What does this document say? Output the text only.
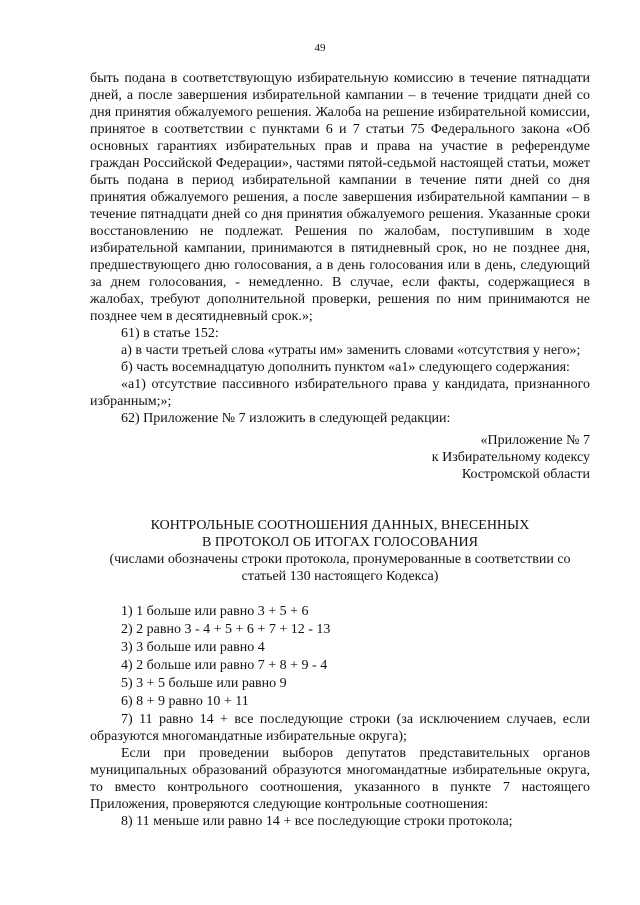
49

быть подана в соответствующую избирательную комиссию в течение пятнадцати дней, а после завершения избирательной кампании – в течение тридцати дней со дня принятия обжалуемого решения. Жалоба на решение избирательной комиссии, принятое в соответствии с пунктами 6 и 7 статьи 75 Федерального закона «Об основных гарантиях избирательных прав и права на участие в референдуме граждан Российской Федерации», частями пятой-седьмой настоящей статьи, может быть подана в период избирательной кампании в течение пяти дней со дня принятия обжалуемого решения, а после завершения избирательной кампании – в течение пятнадцати дней со дня принятия обжалуемого решения. Указанные сроки восстановлению не подлежат. Решения по жалобам, поступившим в ходе избирательной кампании, принимаются в пятидневный срок, но не позднее дня, предшествующего дню голосования, а в день голосования или в день, следующий за днем голосования, - немедленно. В случае, если факты, содержащиеся в жалобах, требуют дополнительной проверки, решения по ним принимаются не позднее чем в десятидневный срок.»;

61) в статье 152:

а) в части третьей слова «утраты им» заменить словами «отсутствия у него»;

б) часть восемнадцатую дополнить пунктом «а1» следующего содержания:

«а1) отсутствие пассивного избирательного права у кандидата, признанного избранным;»;

62) Приложение № 7 изложить в следующей редакции:

«Приложение № 7
к Избирательному кодексу
Костромской области
КОНТРОЛЬНЫЕ СООТНОШЕНИЯ ДАННЫХ, ВНЕСЕННЫХ
В ПРОТОКОЛ ОБ ИТОГАХ ГОЛОСОВАНИЯ
(числами обозначены строки протокола, пронумерованные в соответствии со
статьей 130 настоящего Кодекса)
1) 1 больше или равно 3 + 5 + 6
2) 2 равно 3 - 4 + 5 + 6 + 7 + 12 - 13
3) 3 больше или равно 4
4) 2 больше или равно 7 + 8 + 9 - 4
5) 3 + 5 больше или равно 9
6) 8 + 9 равно 10 + 11

7) 11 равно 14 + все последующие строки (за исключением случаев, если образуются многомандатные избирательные округа);

Если при проведении выборов депутатов представительных органов муниципальных образований образуются многомандатные избирательные округа, то вместо контрольного соотношения, указанного в пункте 7 настоящего Приложения, проверяются следующие контрольные соотношения:

8) 11 меньше или равно 14 + все последующие строки протокола;
